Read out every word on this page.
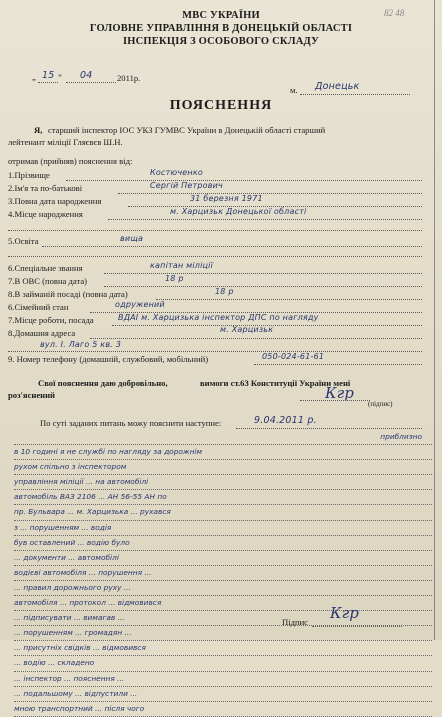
82 48
МВС УКРАЇНИ
ГОЛОВНЕ УПРАВЛІННЯ В ДОНЕЦЬКІЙ ОБЛАСТІ
ІНСПЕКЦІЯ З ОСОБОВОГО СКЛАДУ
„ 15 ” 04	2011р.
м. Донецьк
ПОЯСНЕННЯ
Я, старший інспектор ІОС УКЗ ГУМВС України в Донецькій області старший
лейтенант міліції Гляєвєв Ш.Н.
отримав (прийняв) пояснення від:
1.Прізвище	Костюченко
2.Ім'я та по-батькові	Сергій Петрович
3.Повна дата народження	31 березня 1971
4.Місце народження	м. Харцизьк Донецької області
5.Освіта	вища
6.Спеціальне звання	капітан міліції
7.В ОВС (повна дата)	18 р
8.В займаній посаді (повна дата)	18 р
6.Сімейний стан	одружений
7.Місце роботи, посада	ВДАІ м. Харцизька інспектор ДПС по нагляду
8.Домашня адреса	м. Харцизьк
вул. І. Лаго 5 кв. 3
9. Номер телефону (домашній, службовий, мобільний)	050-024-61-61
Свої пояснення даю добровільно,	вимоги ст.63 Конституції України мені
роз'яснений	Кгр
(підпис)
По суті заданих питань можу пояснити наступне:	9.04.2011 р.
приблизно
в 10 годині я не службі по нагляду за дорожнім
рухом спільно з інспектором
управління міліції ... на автомобілі
автомобіль ВАЗ 2106 ... АН 56-55 АН по
пр. Бульвара ... м. Харцизька ... рухався
з ... порушенням ... водія
був оставлений ... водію було
... документи ... автомобілі
водієві автомобіля ... порушення ...
... правил дорожнього руху ...
автомобіля ... протокол ... відмовився
... підписувати ... вимагав ...
... порушенням ... громадян ...
... присутніх свідків ... відмовився
... водію ... складено
... інспектор ... пояснення ...
... подальшому ... відпустили ...
мною транспортний ... після чого
Підпис Кгр
